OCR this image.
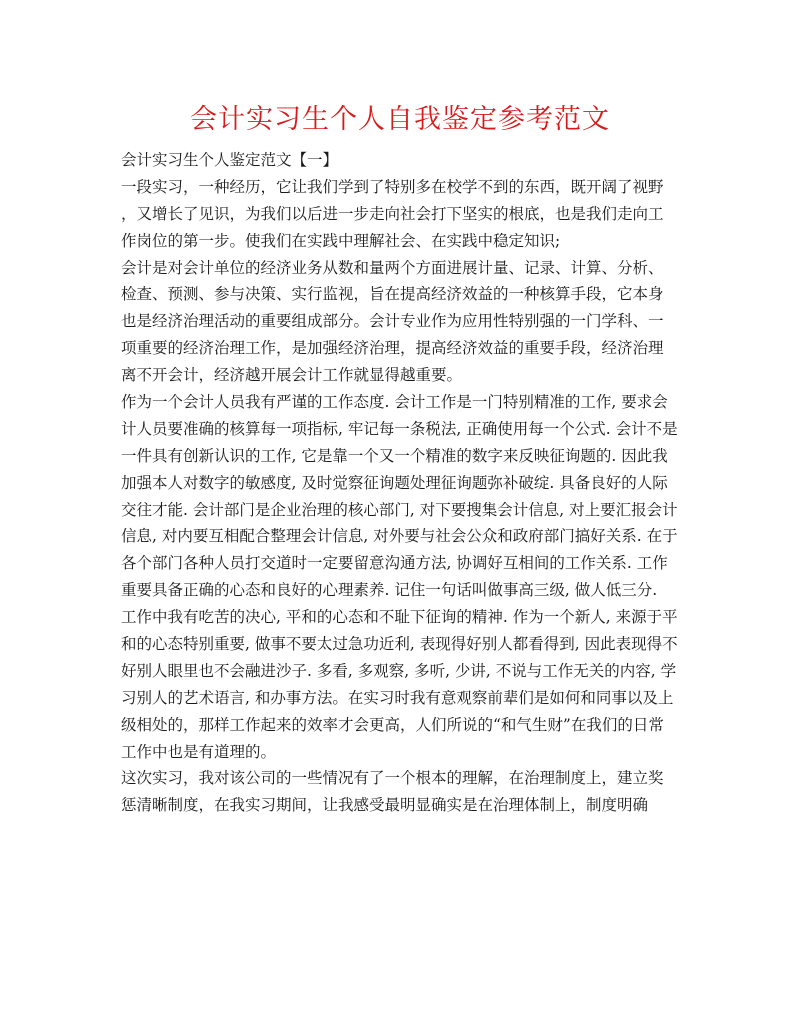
会计实习生个人自我鉴定参考范文
会计实习生个人鉴定范文【一】
一段实习，一种经历，它让我们学到了特别多在校学不到的东西，既开阔了视野
，又增长了见识，为我们以后进一步走向社会打下坚实的根底，也是我们走向工
作岗位的第一步。使我们在实践中理解社会、在实践中稳定知识;
会计是对会计单位的经济业务从数和量两个方面进展计量、记录、计算、分析、
检查、预测、参与决策、实行监视，旨在提高经济效益的一种核算手段，它本身
也是经济治理活动的重要组成部分。会计专业作为应用性特别强的一门学科、一
项重要的经济治理工作，是加强经济治理，提高经济效益的重要手段，经济治理
离不开会计，经济越开展会计工作就显得越重要。
作为一个会计人员我有严谨的工作态度. 会计工作是一门特别精准的工作, 要求会
计人员要准确的核算每一项指标, 牢记每一条税法, 正确使用每一个公式. 会计不是
一件具有创新认识的工作, 它是靠一个又一个精准的数字来反映征询题的. 因此我
加强本人对数字的敏感度, 及时觉察征询题处理征询题弥补破绽. 具备良好的人际
交往才能. 会计部门是企业治理的核心部门, 对下要搜集会计信息, 对上要汇报会计
信息, 对内要互相配合整理会计信息, 对外要与社会公众和政府部门搞好关系. 在于
各个部门各种人员打交道时一定要留意沟通方法, 协调好互相间的工作关系. 工作
重要具备正确的心态和良好的心理素养. 记住一句话叫做事高三级, 做人低三分.
工作中我有吃苦的决心, 平和的心态和不耻下征询的精神. 作为一个新人, 来源于平
和的心态特别重要, 做事不要太过急功近利, 表现得好别人都看得到, 因此表现得不
好别人眼里也不会融进沙子. 多看, 多观察, 多听, 少讲, 不说与工作无关的内容, 学
习别人的艺术语言, 和办事方法。在实习时我有意观察前辈们是如何和同事以及上
级相处的，那样工作起来的效率才会更高，人们所说的“和气生财”在我们的日常
工作中也是有道理的。
这次实习，我对该公司的一些情况有了一个根本的理解，在治理制度上，建立奖
惩清晰制度，在我实习期间，让我感受最明显确实是在治理体制上，制度明确
